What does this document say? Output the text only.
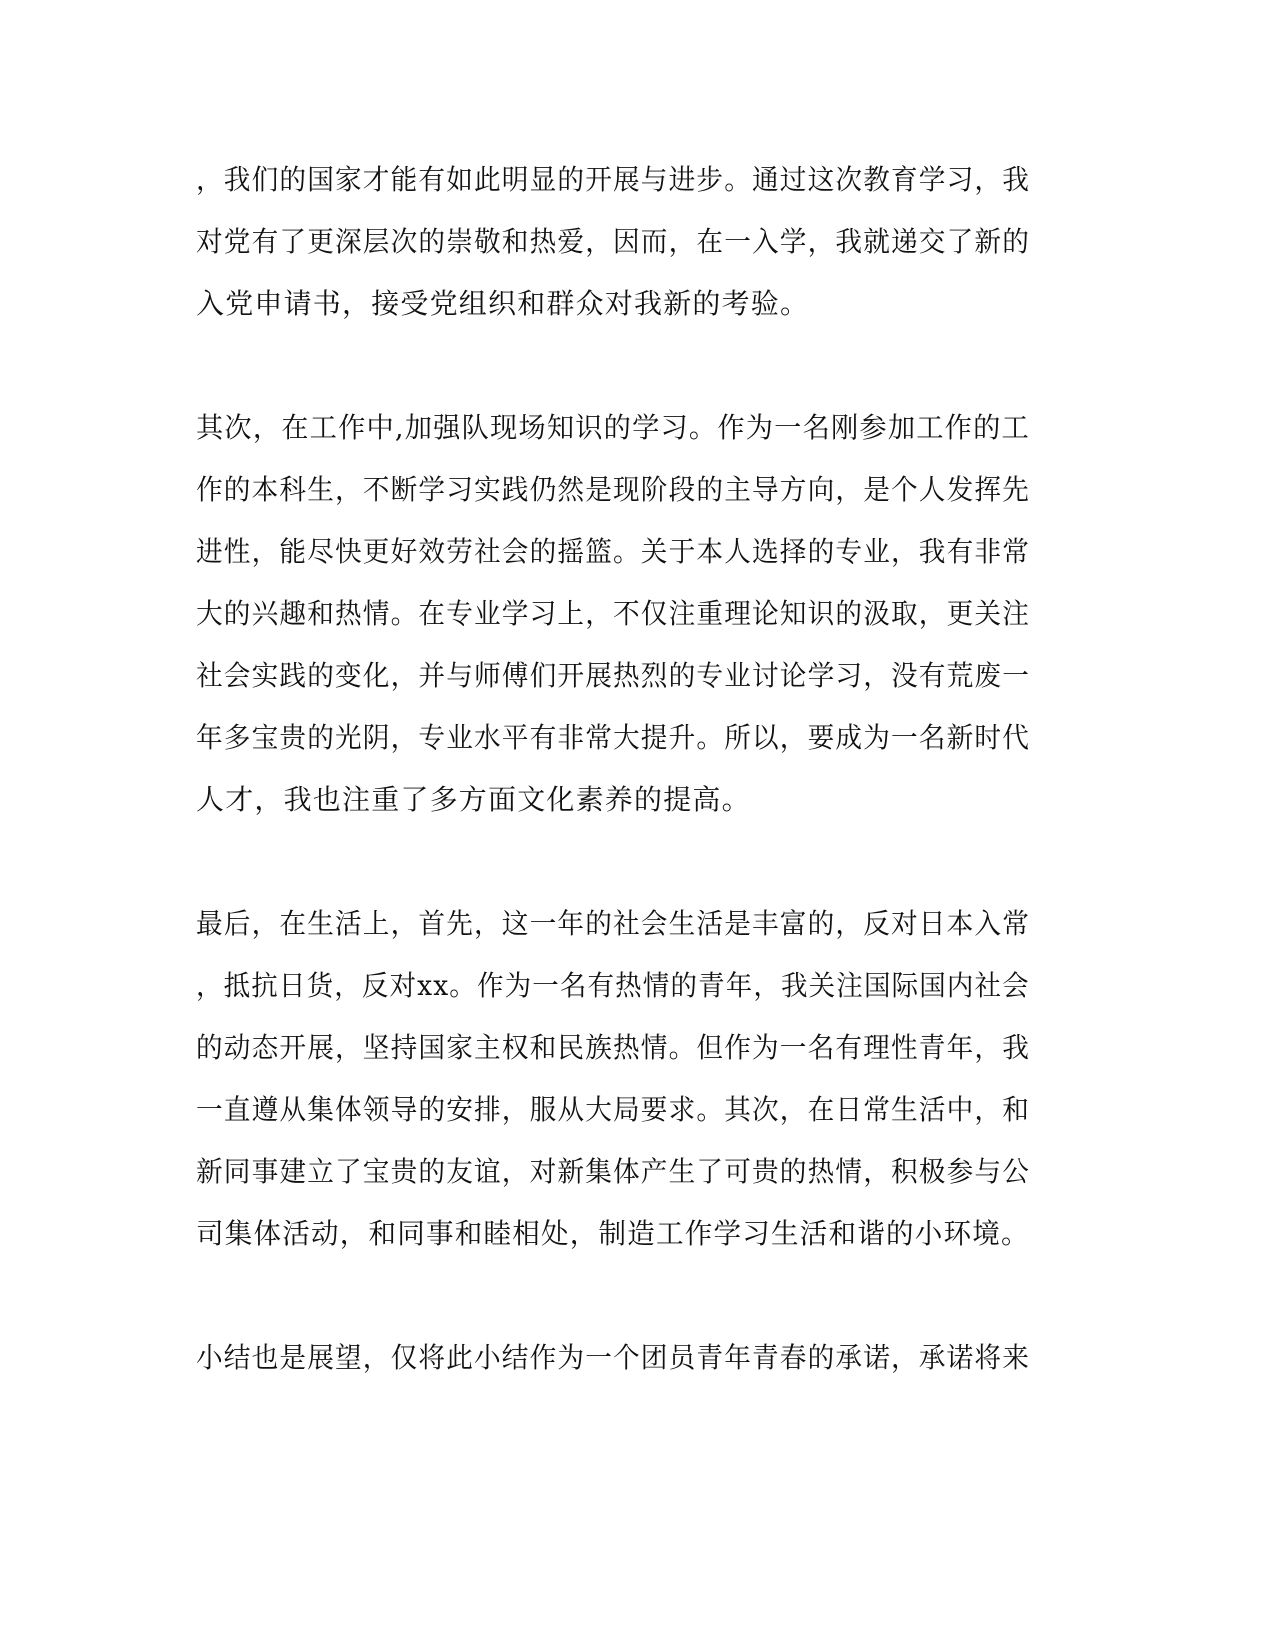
，我们的国家才能有如此明显的开展与进步。通过这次教育学习，我
对党有了更深层次的崇敬和热爱，因而，在一入学，我就递交了新的
入党申请书，接受党组织和群众对我新的考验。
其次，在工作中,加强队现场知识的学习。作为一名刚参加工作的工
作的本科生，不断学习实践仍然是现阶段的主导方向，是个人发挥先
进性，能尽快更好效劳社会的摇篮。关于本人选择的专业，我有非常
大的兴趣和热情。在专业学习上，不仅注重理论知识的汲取，更关注
社会实践的变化，并与师傅们开展热烈的专业讨论学习，没有荒废一
年多宝贵的光阴，专业水平有非常大提升。所以，要成为一名新时代
人才，我也注重了多方面文化素养的提高。
最后，在生活上，首先，这一年的社会生活是丰富的，反对日本入常
，抵抗日货，反对xx。作为一名有热情的青年，我关注国际国内社会
的动态开展，坚持国家主权和民族热情。但作为一名有理性青年，我
一直遵从集体领导的安排，服从大局要求。其次，在日常生活中，和
新同事建立了宝贵的友谊，对新集体产生了可贵的热情，积极参与公
司集体活动，和同事和睦相处，制造工作学习生活和谐的小环境。
小结也是展望，仅将此小结作为一个团员青年青春的承诺，承诺将来
